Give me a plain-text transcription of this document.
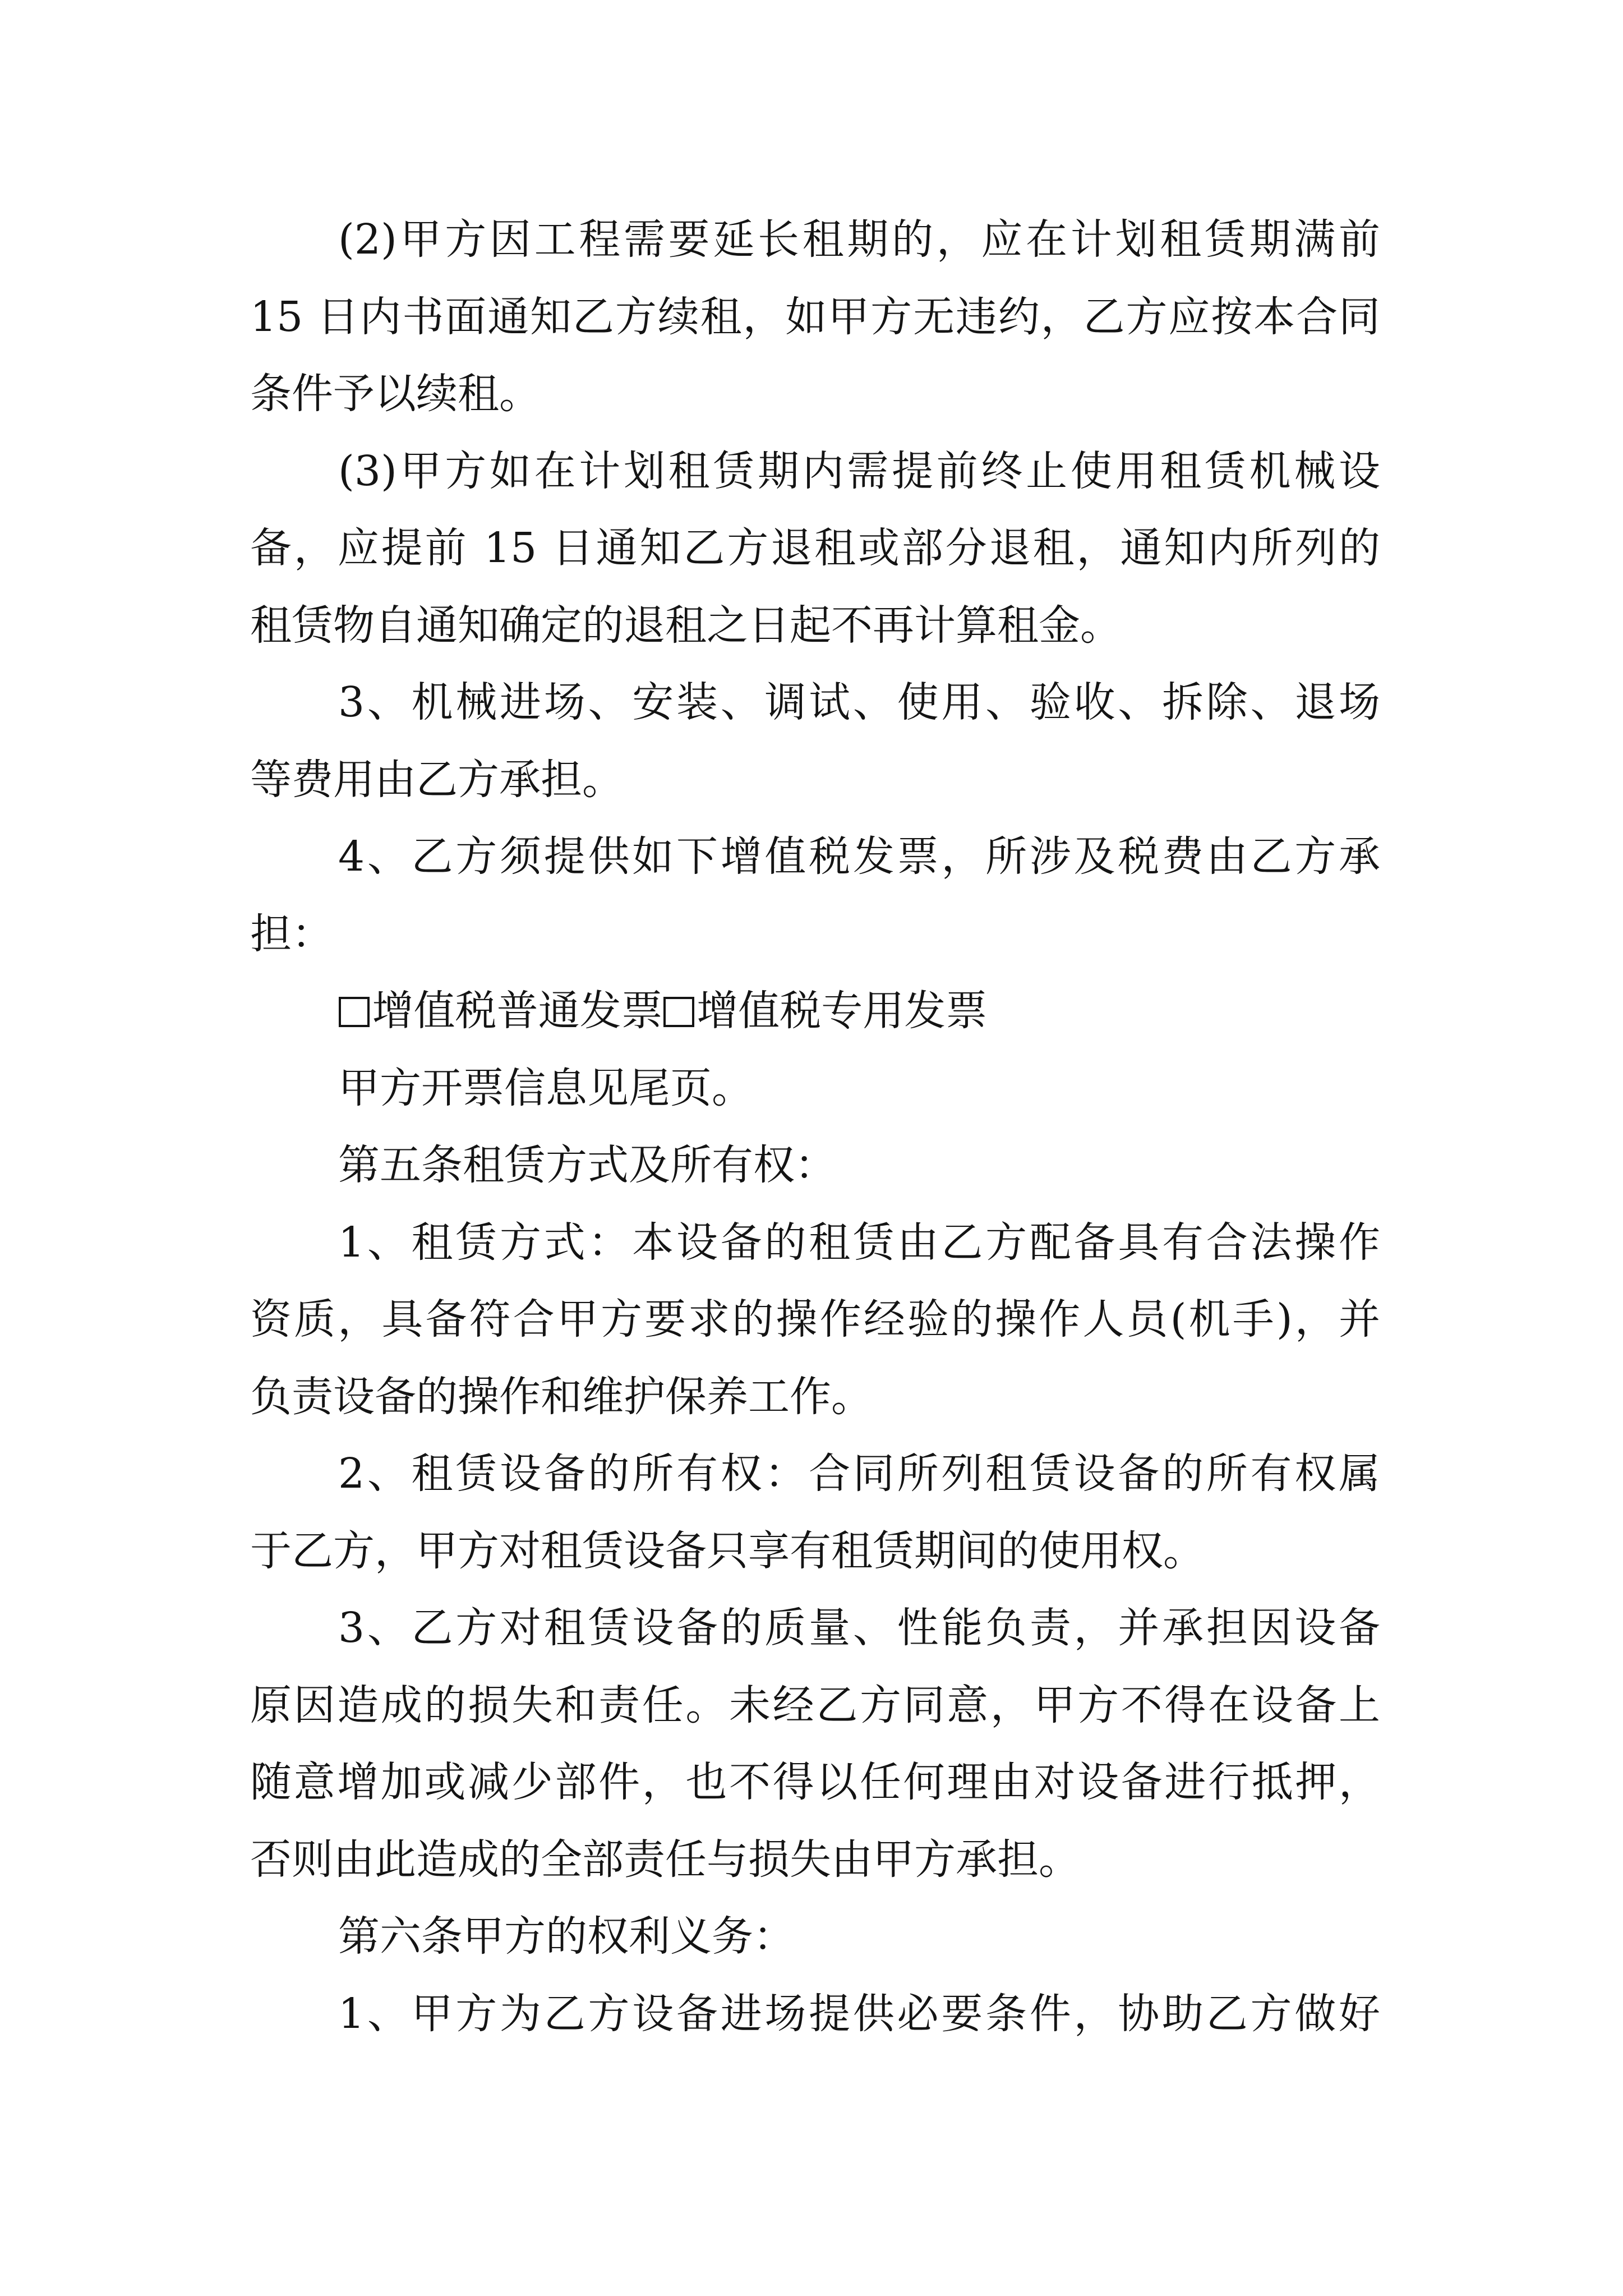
(2)甲方因工程需要延长租期的，应在计划租赁期满前
15 日内书面通知乙方续租，如甲方无违约，乙方应按本合同
条件予以续租。
(3)甲方如在计划租赁期内需提前终止使用租赁机械设
备，应提前 15 日通知乙方退租或部分退租，通知内所列的
租赁物自通知确定的退租之日起不再计算租金。
3、机械进场、安装、调试、使用、验收、拆除、退场
等费用由乙方承担。
4、乙方须提供如下增值税发票，所涉及税费由乙方承
担：
增值税普通发票 增值税专用发票
甲方开票信息见尾页。
第五条租赁方式及所有权：
1、租赁方式：本设备的租赁由乙方配备具有合法操作
资质，具备符合甲方要求的操作经验的操作人员(机手)，并
负责设备的操作和维护保养工作。
2、租赁设备的所有权：合同所列租赁设备的所有权属
于乙方，甲方对租赁设备只享有租赁期间的使用权。
3、乙方对租赁设备的质量、性能负责，并承担因设备
原因造成的损失和责任。未经乙方同意，甲方不得在设备上
随意增加或减少部件，也不得以任何理由对设备进行抵押，
否则由此造成的全部责任与损失由甲方承担。
第六条甲方的权利义务：
1、甲方为乙方设备进场提供必要条件，协助乙方做好
